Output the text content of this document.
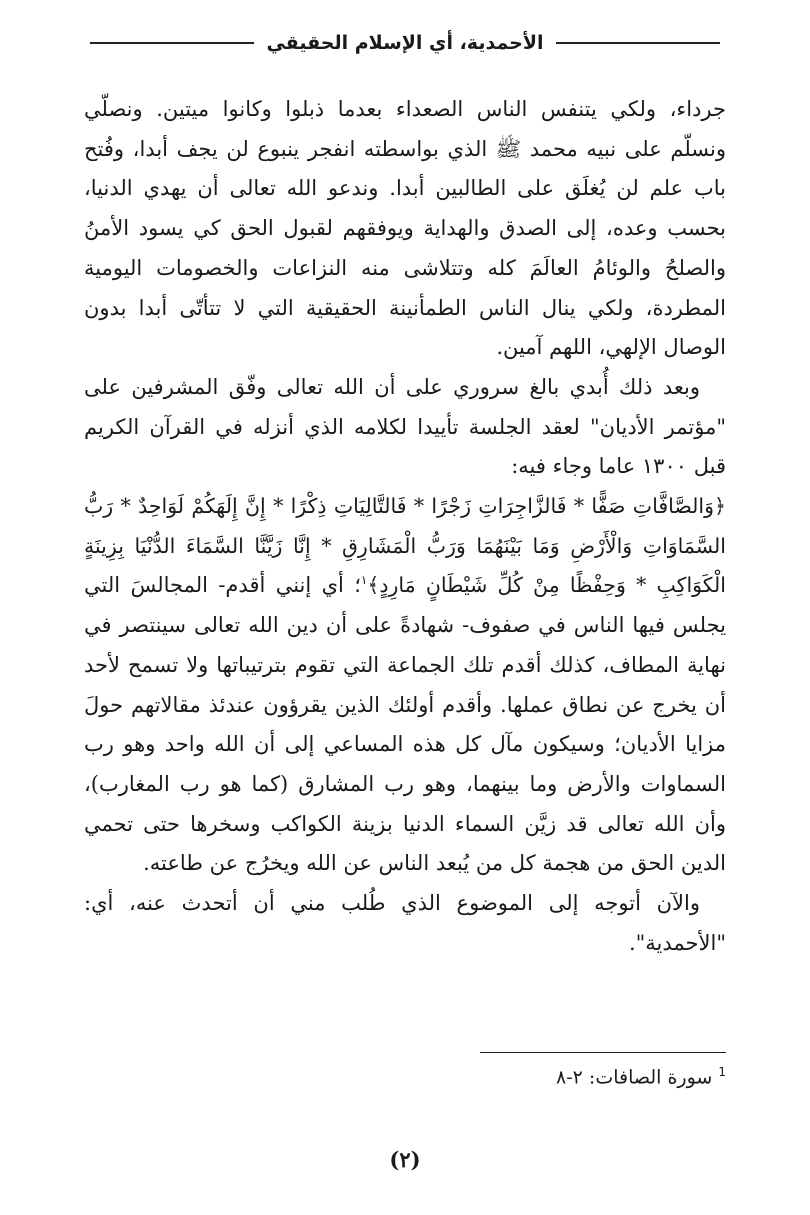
الأحمدية، أي الإسلام الحقيقي

جرداء، ولكي يتنفس الناس الصعداء بعدما ذبلوا وكانوا ميتين. ونصلّي ونسلّم على نبيه محمد ﷺ الذي بواسطته انفجر ينبوع لن يجف أبدا، وفُتح باب علم لن يُغلَق على الطالبين أبدا. وندعو الله تعالى أن يهدي الدنيا، بحسب وعده، إلى الصدق والهداية ويوفقهم لقبول الحق كي يسود الأمنُ والصلحُ والوئامُ العالَمَ كله وتتلاشى منه النزاعات والخصومات اليومية المطردة، ولكي ينال الناس الطمأنينة الحقيقية التي لا تتأتّى أبدا بدون الوصال الإلهي، اللهم آمين.

وبعد ذلك أُبدي بالغ سروري على أن الله تعالى وفّق المشرفين على "مؤتمر الأديان" لعقد الجلسة تأييدا لكلامه الذي أنزله في القرآن الكريم قبل ١٣٠٠ عاما وجاء فيه:

﴿وَالصَّافَّاتِ صَفًّا * فَالزَّاجِرَاتِ زَجْرًا * فَالتَّالِيَاتِ ذِكْرًا * إِنَّ إِلَهَكُمْ لَوَاحِدٌ * رَبُّ السَّمَاوَاتِ وَالْأَرْضِ وَمَا بَيْنَهُمَا وَرَبُّ الْمَشَارِقِ * إِنَّا زَيَّنَّا السَّمَاءَ الدُّنْيَا بِزِينَةٍ الْكَوَاكِبِ * وَحِفْظًا مِنْ كُلِّ شَيْطَانٍ مَارِدٍ﴾$^١$؛ أي إنني أقدم- المجالسَ التي يجلس فيها الناس في صفوف- شهادةً على أن دين الله تعالى سينتصر في نهاية المطاف، كذلك أقدم تلك الجماعة التي تقوم بترتيباتها ولا تسمح لأحد أن يخرج عن نطاق عملها. وأقدم أولئك الذين يقرؤون عندئذ مقالاتهم حولَ مزايا الأديان؛ وسيكون مآل كل هذه المساعي إلى أن الله واحد وهو رب السماوات والأرض وما بينهما، وهو رب المشارق (كما هو رب المغارب)، وأن الله تعالى قد زيَّن السماء الدنيا بزينة الكواكب وسخرها حتى تحمي الدين الحق من هجمة كل من يُبعد الناس عن الله ويخرُج عن طاعته.

والآن أتوجه إلى الموضوع الذي طُلب مني أن أتحدث عنه، أي: "الأحمدية".

$^1$ سورة الصافات: ٢-٨
(٢)
